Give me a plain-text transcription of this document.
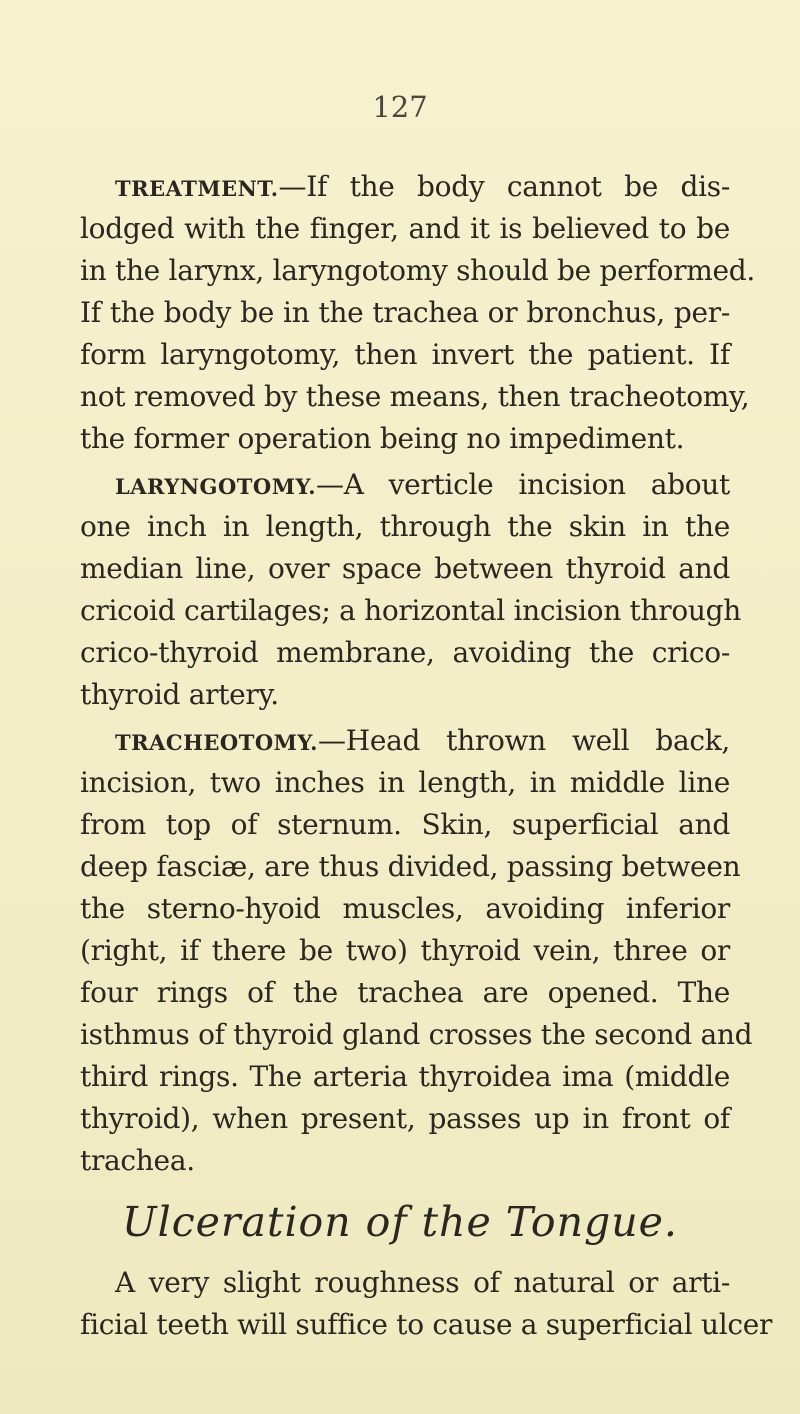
127
TREATMENT.—If the body cannot be dis-
lodged with the finger, and it is believed to be
in the larynx, laryngotomy should be performed.
If the body be in the trachea or bronchus, per-
form laryngotomy, then invert the patient. If
not removed by these means, then tracheotomy,
the former operation being no impediment.
LARYNGOTOMY.—A verticle incision about
one inch in length, through the skin in the
median line, over space between thyroid and
cricoid cartilages; a horizontal incision through
crico-thyroid membrane, avoiding the crico-
thyroid artery.
TRACHEOTOMY.—Head thrown well back,
incision, two inches in length, in middle line
from top of sternum. Skin, superficial and
deep fasciæ, are thus divided, passing between
the sterno-hyoid muscles, avoiding inferior
(right, if there be two) thyroid vein, three or
four rings of the trachea are opened. The
isthmus of thyroid gland crosses the second and
third rings. The arteria thyroidea ima (middle
thyroid), when present, passes up in front of
trachea.
Ulceration of the Tongue.
A very slight roughness of natural or arti-
ficial teeth will suffice to cause a superficial ulcer
